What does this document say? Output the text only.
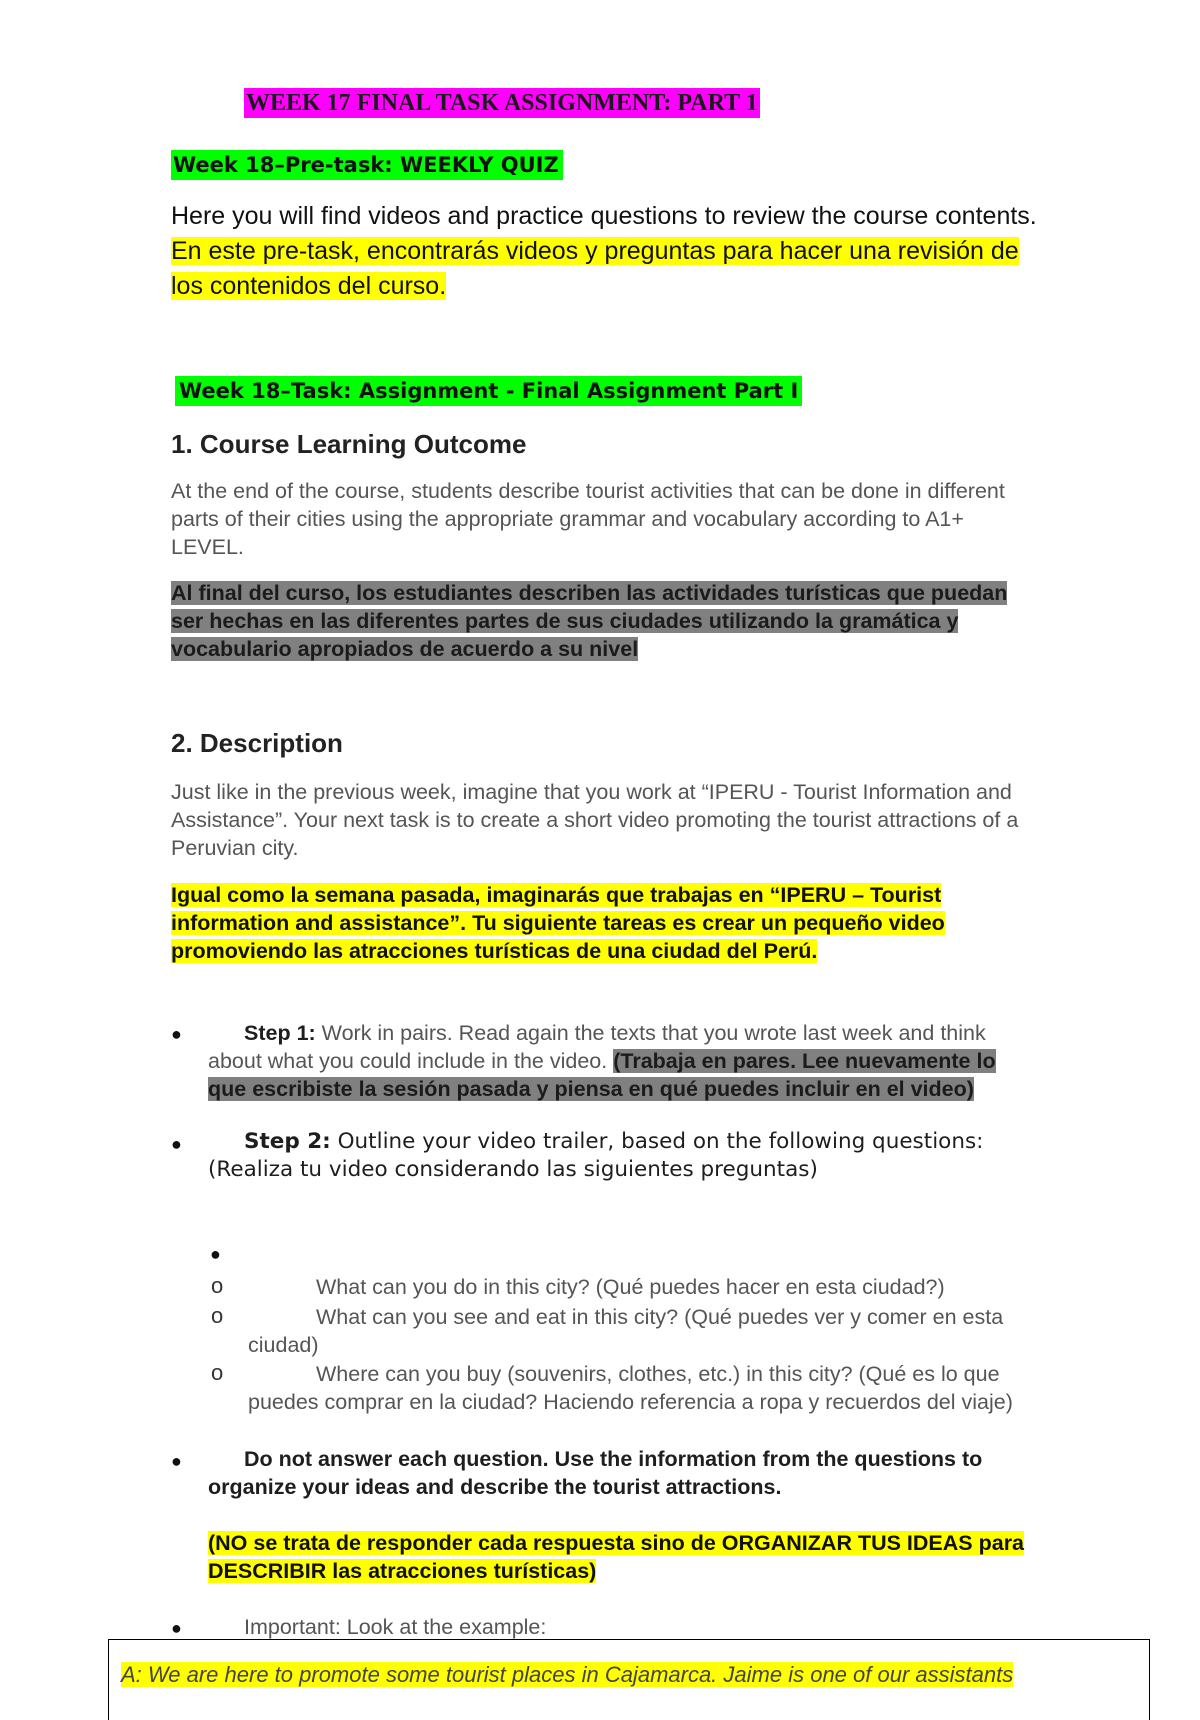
WEEK 17 FINAL TASK ASSIGNMENT: PART 1
Week 18–Pre-task: WEEKLY QUIZ
Here you will find videos and practice questions to review the course contents. En este pre-task, encontrarás videos y preguntas para hacer una revisión de los contenidos del curso.
Week 18–Task: Assignment - Final Assignment Part I
1. Course Learning Outcome
At the end of the course, students describe tourist activities that can be done in different parts of their cities using the appropriate grammar and vocabulary according to A1+ LEVEL.
Al final del curso, los estudiantes describen las actividades turísticas que puedan ser hechas en las diferentes partes de sus ciudades utilizando la gramática y vocabulario apropiados de acuerdo a su nivel
2. Description
Just like in the previous week, imagine that you work at “IPERU - Tourist Information and Assistance”. Your next task is to create a short video promoting the tourist attractions of a Peruvian city.
Igual como la semana pasada, imaginarás que trabajas en “IPERU – Tourist information and assistance”. Tu siguiente tareas es crear un pequeño video promoviendo las atracciones turísticas de una ciudad del Perú.
●	Step 1: Work in pairs. Read again the texts that you wrote last week and think about what you could include in the video. (Trabaja en pares. Lee nuevamente lo que escribiste la sesión pasada y piensa en qué puedes incluir en el video)
●	Step 2: Outline your video trailer, based on the following questions: (Realiza tu video considerando las siguientes preguntas)
●
o	What can you do in this city? (Qué puedes hacer en esta ciudad?)
o	What can you see and eat in this city? (Qué puedes ver y comer en esta ciudad)
o	Where can you buy (souvenirs, clothes, etc.) in this city? (Qué es lo que puedes comprar en la ciudad? Haciendo referencia a ropa y recuerdos del viaje)
●	Do not answer each question. Use the information from the questions to organize your ideas and describe the tourist attractions.
(NO se trata de responder cada respuesta sino de ORGANIZAR TUS IDEAS para DESCRIBIR las atracciones turísticas)
●	Important: Look at the example:
A: We are here to promote some tourist places in Cajamarca. Jaime is one of our assistants
